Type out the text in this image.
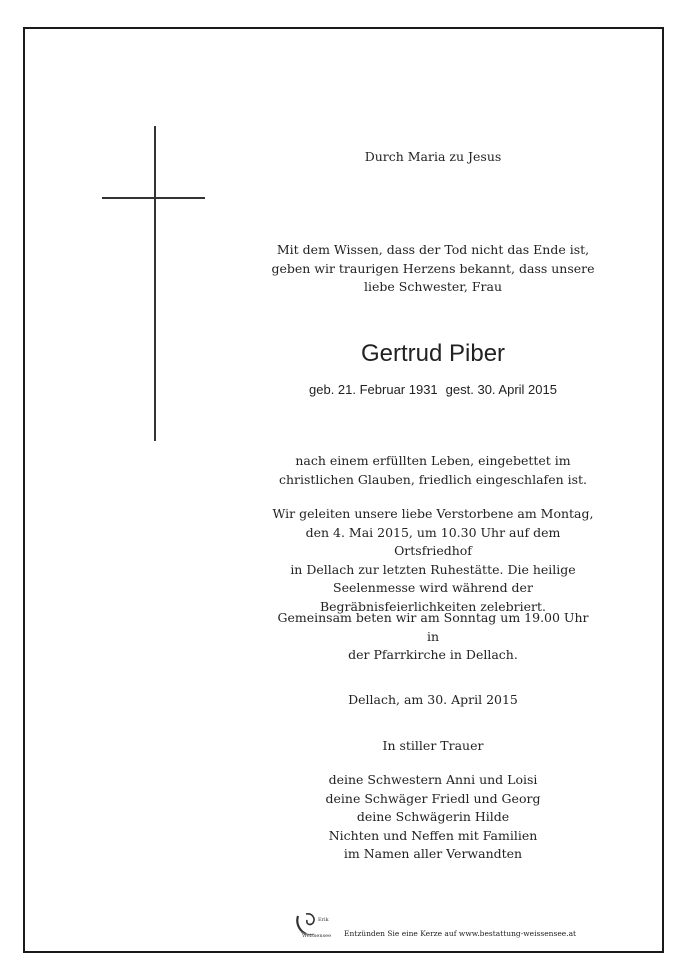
Durch Maria zu Jesus

Mit dem Wissen, dass der Tod nicht das Ende ist,

geben wir traurigen Herzens bekannt, dass unsere

liebe Schwester, Frau

Gertrud Piber
geb. 21. Februar 1931 gest. 30. April 2015

nach einem erfüllten Leben, eingebettet im

christlichen Glauben, friedlich eingeschlafen ist.

Wir geleiten unsere liebe Verstorbene am Montag,

den 4. Mai 2015, um 10.30 Uhr auf dem Ortsfriedhof

in Dellach zur letzten Ruhestätte. Die heilige

Seelenmesse wird während der

Begräbnisfeierlichkeiten zelebriert.

Gemeinsam beten wir am Sonntag um 19.00 Uhr in

der Pfarrkirche in Dellach.

Dellach, am 30. April 2015

In stiller Trauer

deine Schwestern Anni und Loisi

deine Schwäger Friedl und Georg

deine Schwägerin Hilde

Nichten und Neffen mit Familien

im Namen aller Verwandten

Erik
Weissensee Entzünden Sie eine Kerze auf www.bestattung-weissensee.at
